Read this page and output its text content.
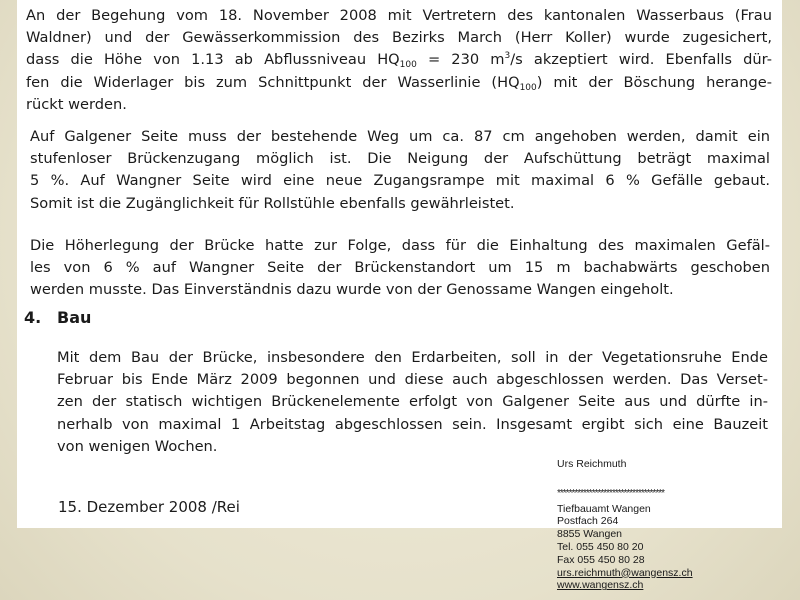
An der Begehung vom 18. November 2008 mit Vertretern des kantonalen Wasserbaus (Frau
Waldner) und der Gewässerkommission des Bezirks March (Herr Koller) wurde zugesichert,
dass die Höhe von 1.13 ab Abflussniveau $HQ_{100} = 230$ $m^3/s$ akzeptiert wird. Ebenfalls dür-
fen die Widerlager bis zum Schnittpunkt der Wasserlinie $(HQ_{100})$ mit der Böschung herange-
rückt werden.
Auf Galgener Seite muss der bestehende Weg um ca. 87 cm angehoben werden, damit ein
stufenloser Brückenzugang möglich ist. Die Neigung der Aufschüttung beträgt maximal
5 %. Auf Wangner Seite wird eine neue Zugangsrampe mit maximal 6 % Gefälle gebaut.
Somit ist die Zugänglichkeit für Rollstühle ebenfalls gewährleistet.
Die Höherlegung der Brücke hatte zur Folge, dass für die Einhaltung des maximalen Gefäl-
les von 6 % auf Wangner Seite der Brückenstandort um 15 m bachabwärts geschoben
werden musste. Das Einverständnis dazu wurde von der Genossame Wangen eingeholt.
4. Bau
Mit dem Bau der Brücke, insbesondere den Erdarbeiten, soll in der Vegetationsruhe Ende
Februar bis Ende März 2009 begonnen und diese auch abgeschlossen werden. Das Verset-
zen der statisch wichtigen Brückenelemente erfolgt von Galgener Seite aus und dürfte in-
nerhalb von maximal 1 Arbeitstag abgeschlossen sein. Insgesamt ergibt sich eine Bauzeit
von wenigen Wochen.
15. Dezember 2008 /Rei
Urs Reichmuth
*************************************
Tiefbauamt Wangen
Postfach 264
8855 Wangen
Tel. 055 450 80 20
Fax 055 450 80 28
urs.reichmuth@wangensz.ch
www.wangensz.ch
